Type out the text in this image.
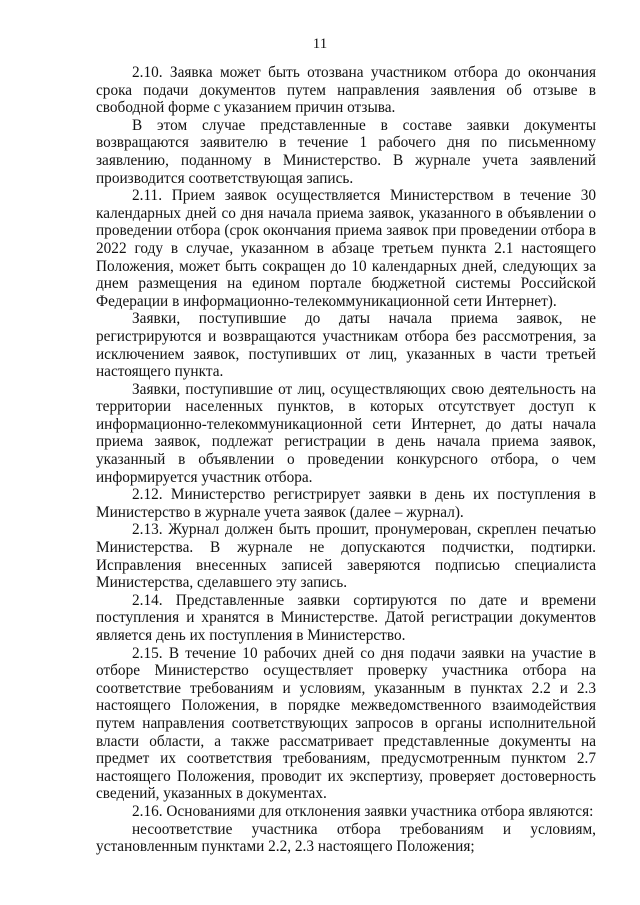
11

2.10. Заявка может быть отозвана участником отбора до окончания срока подачи документов путем направления заявления об отзыве в свободной форме с указанием причин отзыва.

В этом случае представленные в составе заявки документы возвращаются заявителю в течение 1 рабочего дня по письменному заявлению, поданному в Министерство. В журнале учета заявлений производится соответствующая запись.

2.11. Прием заявок осуществляется Министерством в течение 30 календарных дней со дня начала приема заявок, указанного в объявлении о проведении отбора (срок окончания приема заявок при проведении отбора в 2022 году в случае, указанном в абзаце третьем пункта 2.1 настоящего Положения, может быть сокращен до 10 календарных дней, следующих за днем размещения на едином портале бюджетной системы Российской Федерации в информационно-телекоммуникационной сети Интернет).

Заявки, поступившие до даты начала приема заявок, не регистрируются и возвращаются участникам отбора без рассмотрения, за исключением заявок, поступивших от лиц, указанных в части третьей настоящего пункта.

Заявки, поступившие от лиц, осуществляющих свою деятельность на территории населенных пунктов, в которых отсутствует доступ к информационно-телекоммуникационной сети Интернет, до даты начала приема заявок, подлежат регистрации в день начала приема заявок, указанный в объявлении о проведении конкурсного отбора, о чем информируется участник отбора.

2.12. Министерство регистрирует заявки в день их поступления в Министерство в журнале учета заявок (далее – журнал).

2.13. Журнал должен быть прошит, пронумерован, скреплен печатью Министерства. В журнале не допускаются подчистки, подтирки. Исправления внесенных записей заверяются подписью специалиста Министерства, сделавшего эту запись.

2.14. Представленные заявки сортируются по дате и времени поступления и хранятся в Министерстве. Датой регистрации документов является день их поступления в Министерство.

2.15. В течение 10 рабочих дней со дня подачи заявки на участие в отборе Министерство осуществляет проверку участника отбора на соответствие требованиям и условиям, указанным в пунктах 2.2 и 2.3 настоящего Положения, в порядке межведомственного взаимодействия путем направления соответствующих запросов в органы исполнительной власти области, а также рассматривает представленные документы на предмет их соответствия требованиям, предусмотренным пунктом 2.7 настоящего Положения, проводит их экспертизу, проверяет достоверность сведений, указанных в документах.

2.16. Основаниями для отклонения заявки участника отбора являются:

несоответствие участника отбора требованиям и условиям, установленным пунктами 2.2, 2.3 настоящего Положения;
